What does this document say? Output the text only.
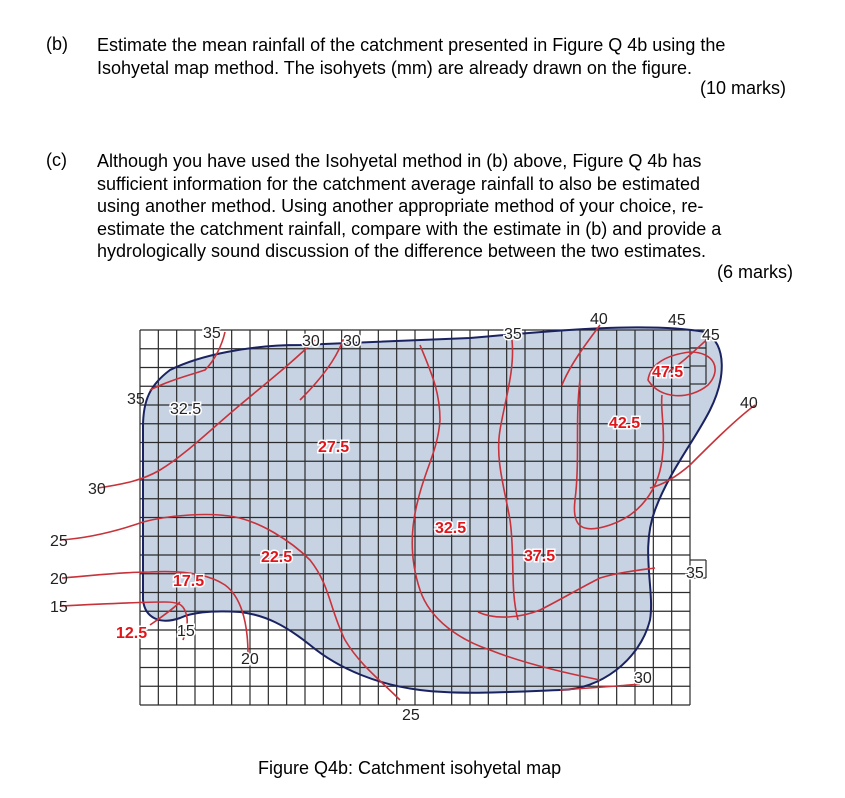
(b) Estimate the mean rainfall of the catchment presented in Figure Q 4b using the
Isohyetal map method. The isohyets (mm) are already drawn on the figure.
(10 marks)
(c) Although you have used the Isohyetal method in (b) above, Figure Q 4b has
sufficient information for the catchment average rainfall to also be estimated
using another method. Using another appropriate method of your choice, re-
estimate the catchment rainfall, compare with the estimate in (b) and provide a
hydrologically sound discussion of the difference between the two estimates.
(6 marks)
15
20
25
30
35
35
32.5
30 30	35
40	45
45
40
35
30
25
20
15
12.5
17.5
22.5
27.5
32.5
37.5
42.5
47.5
Figure Q4b: Catchment isohyetal map
